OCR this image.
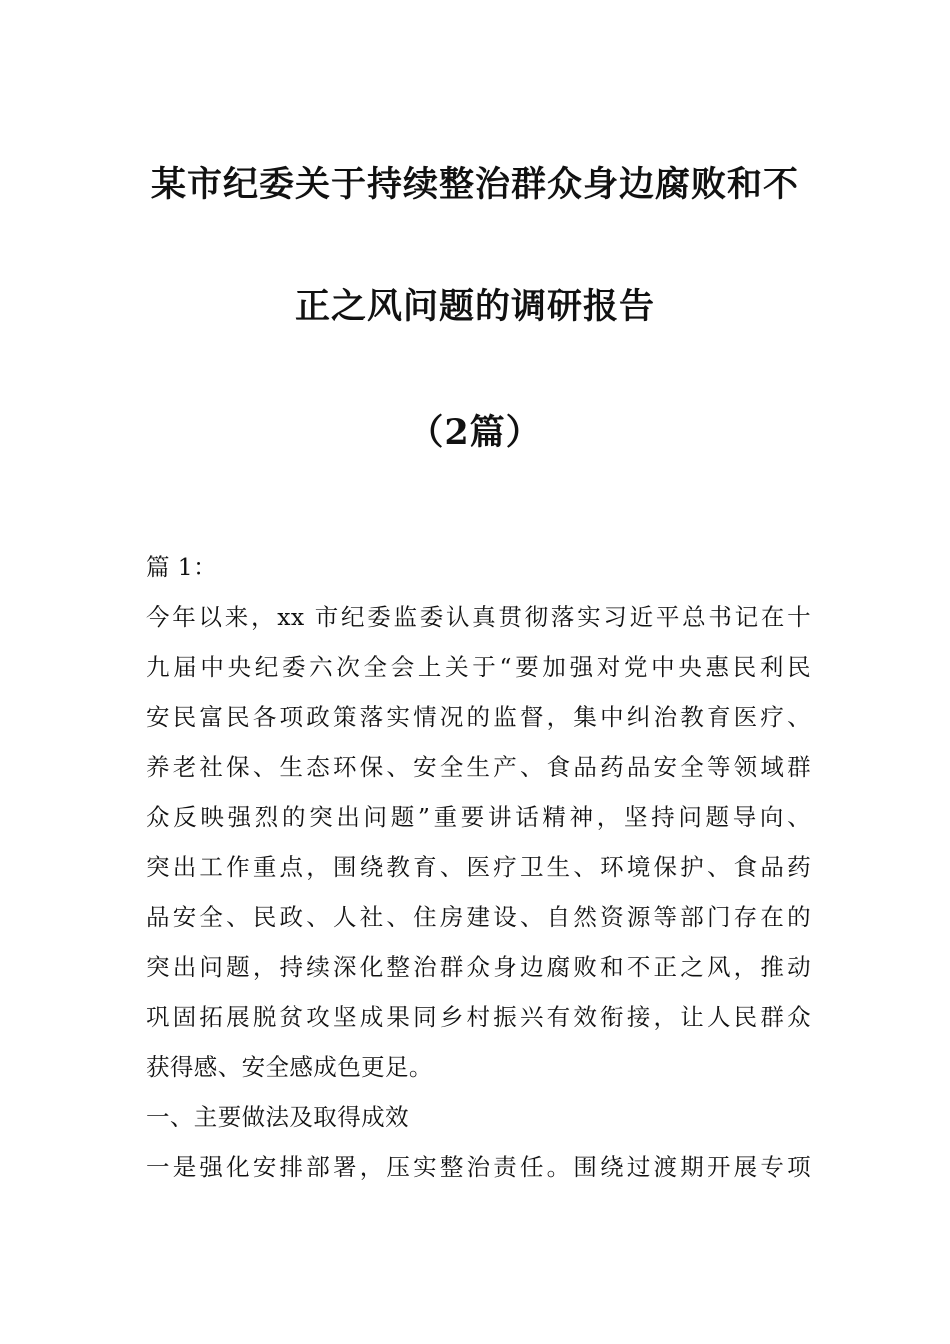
某市纪委关于持续整治群众身边腐败和不
正之风问题的调研报告
（2篇）
篇 1：
今年以来，xx 市纪委监委认真贯彻落实习近平总书记在十
九届中央纪委六次全会上关于“要加强对党中央惠民利民
安民富民各项政策落实情况的监督，集中纠治教育医疗、
养老社保、生态环保、安全生产、食品药品安全等领域群
众反映强烈的突出问题”重要讲话精神，坚持问题导向、
突出工作重点，围绕教育、医疗卫生、环境保护、食品药
品安全、民政、人社、住房建设、自然资源等部门存在的
突出问题，持续深化整治群众身边腐败和不正之风，推动
巩固拓展脱贫攻坚成果同乡村振兴有效衔接，让人民群众
获得感、安全感成色更足。
一、主要做法及取得成效
一是强化安排部署，压实整治责任。围绕过渡期开展专项
